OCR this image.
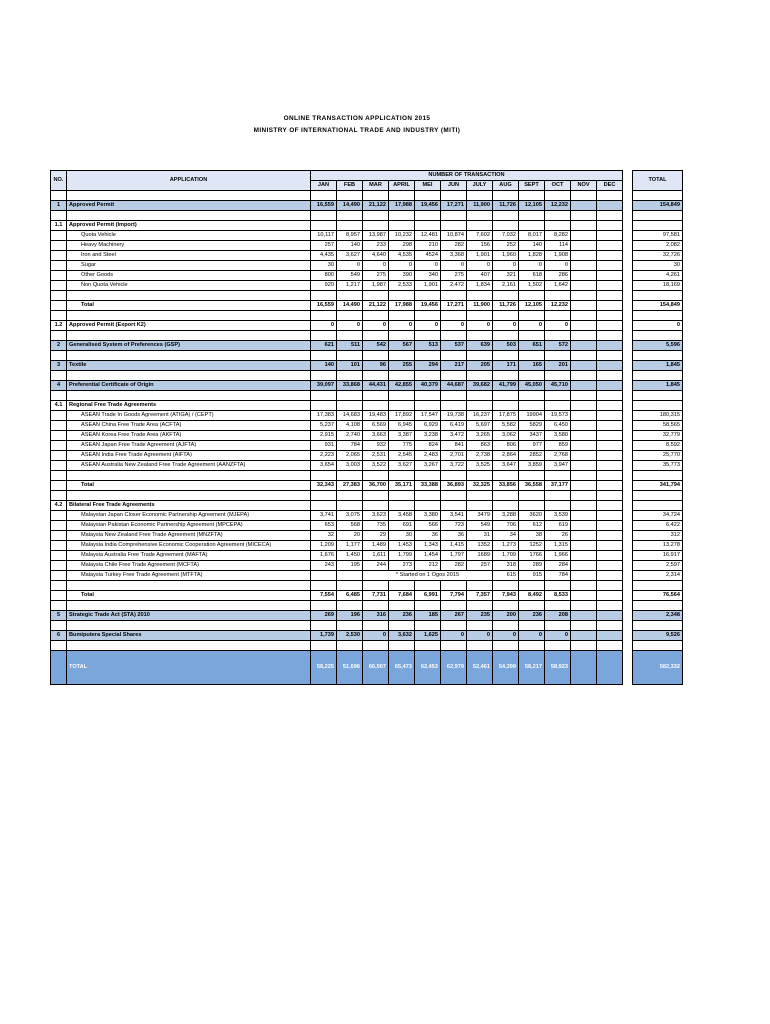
ONLINE TRANSACTION APPLICATION 2015
MINISTRY OF INTERNATIONAL TRADE AND INDUSTRY (MITI)
NO.	APPLICATION	NUMBER OF TRANSACTION													TOTAL
		JAN	FEB	MAR	APRIL	MEI	JUN	JULY	AUG	SEPT	OCT	NOV	DEC		

1	Approved Permit	16,559	14,490	21,122	17,988	19,456	17,271	11,900	11,726	12,105	12,232				154,849

1.1	Approved Permit (Import)														
	Quota Vehicle	10,117	8,957	13,987	10,232	12,481	10,874	7,602	7,032	8,017	8,282				97,581
	Heavy Machinery	257	140	233	298	210	282	156	252	140	114				2,082
	Iron and Steel	4,435	3,627	4,640	4,535	4524	3,368	1,901	1,960	1,828	1,908				32,726
	Sugar	30	0	0	0	0	0	0	0	0	0				30
	Other Goods	800	549	275	390	340	275	407	321	618	286				4,261
	Non Quota Vehicle	920	1,217	1,987	2,533	1,901	2,472	1,834	2,161	1,502	1,642				18,169

	Total	16,559	14,490	21,122	17,988	19,456	17,271	11,900	11,726	12,105	12,232				154,849

1.2	Approved Permit (Export K2)	0	0	0	0	0	0	0	0	0	0				0

2	Generalised System of Preferences (GSP)	621	511	542	567	513	537	639	503	651	572				5,596

3	Textile	140	101	96	255	294	217	205	171	165	201				1,845

4	Preferential Certificate of Origin	39,097	33,868	44,431	42,855	40,379	44,687	39,682	41,799	45,050	45,710				1,845

4.1	Regional Free Trade Agreements														
	ASEAN Trade In Goods Agreement (ATIGA) / (CEPT)	17,383	14,683	19,483	17,892	17,547	19,738	16,237	17,875	19904	19,573				180,315
	ASEAN China Free Trade Area (ACFTA)	5,237	4,108	6,569	6,945	6,929	6,419	5,697	5,582	5829	6,450				58,565
	ASEAN Korea Free Trade Area (AKFTA)	2,915	2,740	3,663	3,387	3,238	3,472	3,265	3,062	3437	3,580				32,779
	ASEAN Japan Free Trade Agreement (AJFTA)	931	784	932	775	824	841	863	806	977	859				8,592
	ASEAN India Free Trade Agreement (AIFTA)	2,223	2,065	2,531	2,545	2,483	2,701	2,738	2,864	2852	2,768				25,770
	ASEAN Australia New Zealand Free Trade Agreement (AANZFTA)	3,654	3,003	3,522	3,627	3,267	3,722	3,525	3,647	3,859	3,947				35,773

	Total	32,343	27,383	36,700	35,171	33,388	36,893	32,325	33,856	36,558	37,177				341,794

4.2	Bilateral Free Trade Agreements														
	Malaysian Japan Closer Economic Partnership Agreement (MJEPA)	3,741	3,075	3,623	3,458	3,380	3,541	3479	3,288	3620	3,539				34,724
	Malaysian Pakistan Economic Partnership Agreement (MPCEPA)	653	568	735	691	566	723	549	706	612	619				6,422
	Malaysia New Zealand Free Trade Agreement (MNZFTA)	32	20	29	30	36	36	31	34	38	26				312
	Malaysia India Comprehensive Economic Cooperation Agreement (MICECA)	1,209	1,177	1,489	1,453	1,343	1,415	1352	1,273	1252	1,315				13,278
	Malaysia Australia Free Trade Agreement (MAFTA)	1,676	1,450	1,611	1,799	1,454	1,797	1689	1,709	1766	1,966				16,917
	Malaysia Chile Free Trade Agreement (MCFTA)	243	195	244	273	212	282	257	318	289	284				2,597
	Malaysia Turkey Free Trade Agreement (MTFTA)			* Started on 1 Ogos 2015					615	915	784				2,314

	Total	7,554	6,485	7,731	7,684	6,991	7,794	7,357	7,943	8,492	8,533				76,564

5	Strategic Trade Act (STA) 2010	269	196	316	236	185	267	235	200	236	208				2,348

6	Bumiputera Special Shares	1,739	2,530	0	3,632	1,625	0	0	0	0	0				9,526

	TOTAL	58,225	51,696	66,507	65,473	62,453	62,979	52,461	54,399	58,217	58,923				582,332
